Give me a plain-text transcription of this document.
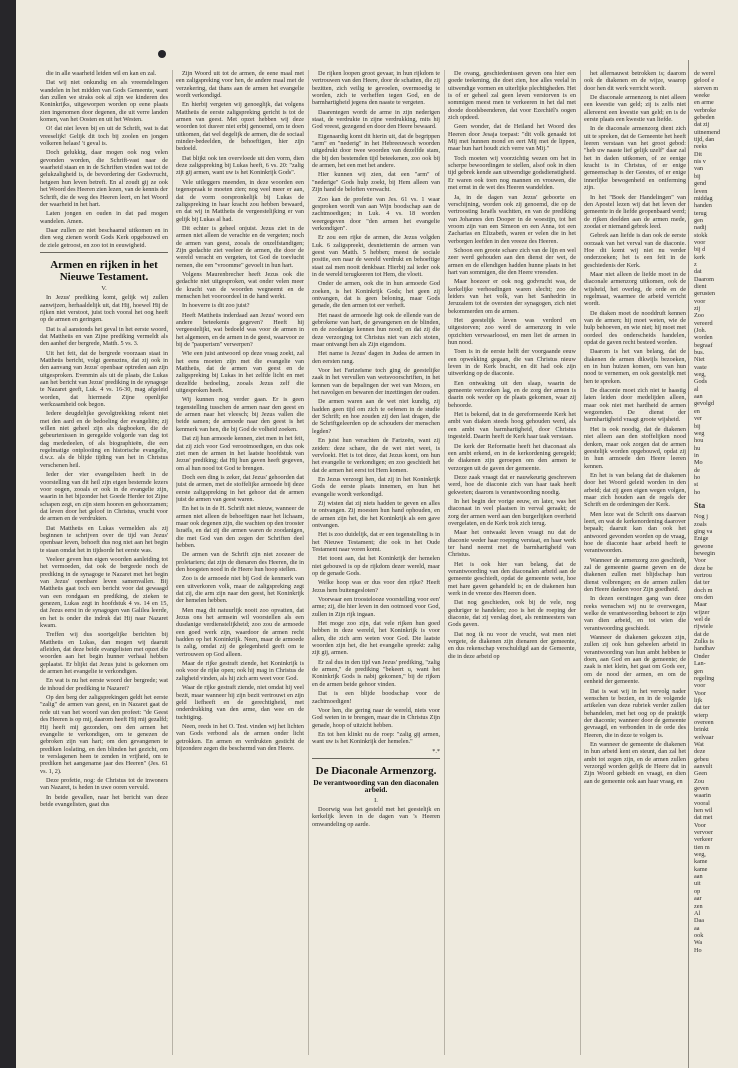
die in alle waarheid leiden wil en kan en zal.

Dat wij niet onkundig en als vreemdelingen wandelen in het midden van Gods Gemeente, want dan zullen we straks ook al zijn we kinderen des Koninkrijks, uitgeworpen worden op eene plaats zien ingenomen door degenen, die uit verre landen komen, van het Oosten en uit het Westen.

O! dat niet leven bij en uit de Schrift, wat is dat vreeselijk! Gelijk dit toch bij zoolen en jongen volkeren helaas! 't geval is.

Doch gelukkig, daar mogen ook nog velen gevonden worden, die Schrift-vast naar de waarheid staan en in de Schriften vinden wat tot de gelukzaligheid is, de bevordering der Godsvrucht, hetgeen hun leven betreft. En al zoudt gij ze ook het Woord des Heeren zien lezen, van de kennis der Schrift, die de weg des Heeren leert, en het Woord der waarheid in het hart.

Laten jongen en ouden in dat pad mogen wandelen. Amen.

Daar zullen ze niet beschaamd uitkomen en in dien weg zienen wordt Gods Kerk opgebouwd en de ziele getroost, en zoo tot in eeuwigheid.

Armen en rijken in het Nieuwe Testament.
V.

In Jezus' prediking komt, gelijk wij zullen aanwijzen, herhaaldelijk uit, dat Hij, hoewel Hij de rijken niet verstoot, juist toch vooral het oog heeft op de armen en geringen.

Dat is al aanstonds het geval in het eerste woord, dat Mattheüs en van Zijne prediking vermeldt als den aanhef der bergrede, Matth. 5 vs. 3.

Uit het feit, dat de bergrede voorzaan staat in Mattheüs bericht, volgt geenszins, dat zij ook in den aanvang van Jezus' openbaar optreden aan zijn uitgesproken. Evenmin als uit de plaats, die Lukas aan het bericht van Jezus' prediking in de synagoge te Nazaret geeft, Luk. 4 vs. 16-30, mag afgeleid worden, dat hiermede Zijne openlijke werkzaamheid ook begon.

Iedere deugdelijke gevolgtrekking rekent niet met den aard en de bedoeling der evangeliën; zij willen niet geheel zijn als dagboeken, die de gebeurtenissen in geregelde volgorde van dag tot dag mededeelen, of als biographieën, die een regelmatige ontplooiing en historische evangelie, d.w.z. als de blijde tijding van het in Christus verschenen heil.

Ieder der vier evangelisten heeft in de voorstelling van dit heil zijn eigen bestemde lezers voor oogen, zooals er ook in de evangelie zijn, waarin in het bijzonder het Goede Herder tot Zijne schapen zegt, en zijn stem hooren en gehoorzamen; dat leven door het geloof in Christus, vrucht voor de armen en de verdrukten.

Dat Mattheüs en Lukas vermelden als zij beginnen te schrijven over de tijd van Jezus' openbaar leven, behoeft dus nog niet aan het begin te staan omdat het in tijdsorde het eerste was.

Veeleer geven hun eigen woorden aanleiding tot het vermoeden, dat ook de bergrede noch de prediking in de synagoge te Nazaret met het begin van Jezus' openbare leven samenvallen. Bij Mattheüs gaat toch een bericht voor dat gewaagd van een rondgaan en prediking, de zieken te genezen, Lukas zegt in hoofdstuk 4 vs. 14 en 15, dat Jezus eerst in de synagogen van Galilea leerde, en het is onder die indruk dat Hij naar Nazaret kwam.

Treffen wij dus soortgelijke berichten bij Mattheüs en Lukas, dan mogen wij daaruit afleiden, dat deze beide evangelisten met opzet die woorden aan het begin hunner verhaal hebben geplaatst. Er blijkt dat Jezus juist is gekomen om de armen het evangelie te verkondigen.

En wat is nu het eerste woord der bergrede; wat de inhoud der prediking te Nazaret?

Op den berg der zaligsprekingen geldt het eerste "zalig" de armen van geest, en in Nazaret gaat de rede uit van het woord van den profeet: "de Geest des Heeren is op mij, daarom heeft Hij mij gezalfd; Hij heeft mij gezonden, om den armen het evangelie te verkondigen, om te genezen de gebroken zijn van hart; om den gevangenen te prediken loslating, en den blinden het gezicht, om te verslagenen heen te zenden in vrijheid, om te prediken het aangename jaar des Heeren" (Jes. 61 vs. 1, 2).

Deze profetie, nog: de Christus tot de inwoners van Nazaret, is heden in uwe ooren vervuld.

In beide gevallen, naar het bericht van deze beide evangelisten, gaat dus

Zijn Woord uit tot de armen, de eene maal met een zaligspreking voor hen, de andere maal met de verzekering, dat thans aan de armen het evangelie wordt verkondigd.

En hierbij vergeten wij genoeglijk, dat volgens Mattheüs de eerste zaligspreking gericht is tot de armen van geest. Met opzet hebben wij deze woorden tot dusver niet erbij genoemd, om te doen uitkomen, dat wel degelijk de armen, die de sociaal minder-bedeelden, de behoeftigen, hier zijn bedoeld.

Dat blijkt ook ten overvloede uit den vorm, dien deze zaligspreking bij Lukas heeft, 6 vs. 20: "zalig zijt gij armen, want uw is het Koninkrijk Gods".

Vele uitleggers meenden, in deze woorden een tegenspraak te moeten zien; nog veel meer er aan, dat de vorm oorspronkelijk bij Lukas de zaligspreking in haar kracht zou hebben bewaard, en dat wij in Mattheüs de vergeestelijking er van gelijk bij Lukas al had.

Dit echter is geheel onjuist. Jezus ziet in de armen niet alleen de verachte en de vergeten; noch de armen van geest, zooals de onzelfstandigen; Zijn gedachte ziet veeleer de armen, die door de wereld veracht en vergeten, tot God de toevlucht nemen, die een "vroomme" gevoelt in hun hart.

Volgens Maurenbrecher heeft Jezus ook die gedachte niet uitgesproken, wat onder velen meer de kracht van de woorden wegneemt en de menschen het vooroordeel in de hand werkt.

In hoeverre is dit zoo juist?

Heeft Mattheüs inderdaad aan Jezus' woord een andere beteekenis gegeven? Heeft hij vergeestelijkt, wat bedoeld was voor de armen in het algemeen, en de armen in de geest, waarvoor ze bij de "pauperism" verwerpen?

Wie een juist antwoord op deze vraag zoekt, zal het eens moeten zijn met die evangelie van Mattheüs, dat de armen van geest en de zaligspreking bij Lukas in het zelfde licht en met dezelfde bedoeling, zooals Jezus zelf die uitgesproken heeft.

Wij kunnen nog verder gaan. Er is geen tegenstelling tusschen de armen naar den geest en de armen naar het vleesch; bij Jezus vallen die beide samen; de armoede naar den geest is het kenmerk van hen, die bij God de volheid zoeken.

Dat zij hun armoede kennen, ziet men in het feit, dat zij zich voor God verootmoedigen, en dus ook ziet men de armen in het laatste hoofdstuk van Jezus' prediking; dat Hij hun gaven heeft gegeven, om al hun nood tot God te brengen.

Doch een ding is zeker, dat Jezus' gehoorden dat juist de armen, met de stoffelijke armoede bij deze eerste zaligspreking in het gehoor dat de armen juist de armen van geest waren.

En het is in de H. Schrift niet nieuw, wanneer de armen niet alleen de behoeftigen naar het lichaam, maar ook degenen zijn, die wachten op den trooster Israëls, en dat zij die armen waren de zoodanigen, die met God van den zegen der Schriften deel hebben.

De armen van de Schrift zijn niet zoozeer de proletariers; dat zijn de dienaren des Heeren, die in den hoogsten nood in de Heere hun hoop stellen.

Zoo is de armoede niet bij God de kenmerk van een uitverkoren volk, maar de zaligspreking zegt dat zij, die arm zijn naar den geest, het Koninkrijk der hemelen hebben.

Men mag dit natuurlijk nooit zoo opvatten, dat Jezus ons het armsein wil voorstellen als een dusdanige verdienstelijkheid; zoo zou de armoede een goed werk zijn, waardoor de armen recht hadden op het Koninkrijk. Neen, maar de armoede is zalig, omdat zij de gelegenheid geeft om te vertrouwen op God alleen.

Maar de rijke gestraft ziende, het Koninkrijk is ook voor de rijke open; ook hij mag in Christus de zaligheid vinden, als hij zich arm weet voor God.

Waar de rijke gestraft ziende, niet omdat hij veel bezit, maar wanneer hij zijn bezit vertrouwt en zijn geld liefheeft en de gerechtigheid, met onderdrukking van den arme, dan wee en de tuchtiging.

Neen, reeds in het O. Test. vinden wij het lichten van Gods verbond als de armen onder licht getrokken. En armen en verdrukten gesticht de bijzondere zegen die beschermd van den Heere.

De rijken loopen groot gevaar, in hun rijkdom te vertrouwen van den Heere, door de schatten, die zij bezitten, zich veilig te gevoelen, overmoedig te worden, zich te verheffen tegen God, en de barmhartigheid jegens den naaste te vergeten.

Daarentegen wordt de arme in zijn nederigen staat, de verdrukte in zijne verdrukking, mits hij God vreest, gezegend en door den Heere bewaard.

Eigenaardig komt dit hierin uit, dat de begrippen "arm" en "nederig" in het Hebreeuwsch woorden uitgedrukt door twee woorden van dezelfde stam, die bij den bestemden tijd beteekenen, zoo ook bij de armen, het een met het andere.

Hier kunnen wij zien, dat een "arm" of "nederige" Gods hulp zoekt, bij Hem alleen van Zijn hand de beloften verwacht.

Zoo kan de profetie van Jes. 61 vs. 1 waar gesproken wordt van aan Wijn boodschap aan de zachtmoedigen; in Luk. 4 vs. 18 worden weergegeven door "den armen het evangelie verkondigen".

Er zou een rijke de armen, die Jezus volgden Luk. 6 zaligspreekt, desniettemin de armen van geest van Matth. 5 hebben; meest de sociale positie, een naar de wereld verdrukt en behoeftige staat zal men nooit denkbaar. Hierbij zal ieder ook in de wereld terugkeeren tot Hem, die vloeit.

Onder de armen, ook die in hun armoede God zoeken, is het Koninkrijk Gods; het geen zij ontvangen, dat is geen beloning, maar Gods genade, die den armen tot eer verheft.

Het naast de armoede ligt ook de ellende van de gebrokene van hart, de gevangenen en de blinden, en de zoodanige kennen hun nood; en dat zij die deze verzorging tot Christus niet van zich stoten, maar ontvangt hen als Zijn eigendom.

Het name is Jezus' dagen in Judea de armen in den eersten rang.

Voor het Farizeïsme toch ging de geestelijke zaak in het vervullen van wetsvoorschriften, in het kennen van de bepalingen der wet van Mozes, en het navolgen en bewaren der inzettingen der ouden.

De armen waren aan de wet niet kundig, zij hadden geen tijd om zich te oefenen in de studie der Schrift; en hoe zouden zij den last dragen, die de Schriftgeleerden op de schouders der menschen legden?

En juist hun verachten de Farizeën, want zij zeiden: deze schare, die de wet niet weet, is vervloekt. Het is tot deze, dat Jezus komt, om hun het evangelie te verkondigen; en zoo geschiedt het dat de armen het eerst tot Hem komen.

En Jezus verzorgt hen, dat zij in het Koninkrijk Gods de eerste plaats innemen, en hun het evangelie wordt verkondigd.

Zij wisten dat zij niets hadden te geven en alles te ontvangen. Zij moesten hun hand ophouden, en de armen zijn het, die het Koninkrijk als een gave ontvangen.

Het is zoo duidelijk, dat er een tegenstelling is in het Nieuwe Testament; die ook in het Oude Testament naar voren komt.

Het toont aan, dat het Koninkrijk der hemelen niet gebouwd is op de rijkdom dezer wereld, maar op de genade Gods.

Welke hoop was er dus voor den rijke? Heeft Jezus hem buitengesloten?

Voorwaar een troostelooze voorstelling voor een' arme; zij, die hier leven in den ootmoed voor God, zullen in Zijn rijk ingaan.

Het moge zoo zijn, dat vele rijken hun goed hebben in deze wereld, het Koninkrijk is voor allen, die zich arm weten voor God. Die laatste woorden zijn het, die het evangelie spreekt: zalig zijt gij, armen.

Er zal dus in den tijd van Jezus' prediking, "zalig de armen," de prediking "bekeert u, want het Koninkrijk Gods is nabij gekomen," bij de rijken en de armen beide gehoor vinden.

Dat is een blijde boodschap voor de zachtmoedigen!

Voor hen, die gering naar de wereld, niets voor God weten in te brengen, maar die in Christus Zijn genade, hoop of uitzicht hebben.

En tot hen klinkt nu de roep: "zalig gij armen, want uw is het Koninkrijk der hemelen."

*.*
De Diaconale Armenzorg.
De verantwoording van den diaconalen arbeid.
I.

Doorwig was het gesteld met het geestelijk en kerkelijk leven in de dagen van 's Heeren omwandeling op aarde.

De ovang, geschiedenissen geven ons hier een goede teekening, die doet zien, hoe alles veelal in uitwendige vormen en uiterlijke plechtigheden. Het is of er geheel zal geen leven verstorven is en sommigen meest men te verkeeren in het dal met doode doodsbeenderen, dat voor Ezechiël's oogen zich opdeed.

Geen wonder, dat de Heiland het Woord des Heeren door Jesaja toepast: "dit volk genaakt tot Mij met hunnen mond en eert Mij met de lippen, maar hun hart houdt zich verre van Mij."

Toch moeten wij voorzichtig wezen om het in scherpe bewoordingen te stellen, alsof ook in dien tijd gebrek kende aan uitwendige godsdienstigheid. Er waren ook toen nog mannen en vrouwen, die met ernst in de wet des Heeren wandelden.

Ja, in de dagen van Jezus' geboorte en verschijning, worden ook zij genoemd, die op de vertroosting Israëls wachtten, en van de prediking van Johannes den Dooper in de woestijn, tot het vroom zijn van een Simeon en een Anna, tot een Zacharias en Elizabeth, waren er velen die in het verborgen leefden in den vreeze des Heeren.

Schoon een groote schare zich van de lijn en wel zeer werd gehouden aan den dienst der wet, de armen en de ellendigen hadden hunne plaats in het hart van sommigen, die den Heere vreesden.

Maar hoezeer er ook nog godvrucht was, de kerkelijke verhoudingen waren slecht; zoo de leiders van het volk, van het Sanhedrin in Jeruzalem tot de oversten der synagogen, zich niet bekommerden om de armen.

Het geestelijk leven was verdord en uitgestorven; zoo werd de armenzorg in vele opzichten verwaarloosd, en men liet de armen in hun nood.

Toen is in de eerste helft der voorgaande eeuw een opwekking gegaan, die van Christus nieuw leven in de Kerk bracht, en dit had ook zijn uitwerking op de diaconie.

Een ontwaking uit den slaap, waarin de gemeente verzonken lag, en de zorg der armen is daarin ook weder op de plaats gekomen, waar zij behoorde.

Het is bekend, dat in de gereformeerde Kerk het ambt van diaken steeds hoog gehouden werd, als een ambt van barmhartigheid, door Christus ingesteld. Daarin heeft de Kerk haar taak verstaan.

De kerk der Reformatie heeft het diaconaat als een ambt erkend, en in de kerkordening geregeld; de diakenen zijn geroepen om den armen te verzorgen uit de gaven der gemeente.

Deze zaak vraagt dat er nauwkeurig geschreven werd, hoe de diaconie zich van haar taak heeft gekweten; daarom is verantwoording noodig.

In het begin der vorige eeuw, en later, was het diaconaat in veel plaatsen in verval geraakt; de zorg der armen werd aan den burgerlijken overheid overgelaten, en de Kerk trok zich terug.

Maar het ontwaakt leven vraagt nu dat de diaconie weder haar roeping verstaat, en haar werk ter hand neemt met de barmhartigheid van Christus.

Het is ook hier van belang, dat de verantwoording van den diaconalen arbeid aan de gemeente geschiedt, opdat de gemeente wete, hoe met hare gaven gehandeld is; en de diakenen hun werk in de vreeze des Heeren doen.

Dat nog geschieden, ook bij de vele, nog geduriger te handelen; zoo is het de roeping der diaconie, dat zij verslag doet, als rentmeesters van Gods gaven.

Dat nog ik nu voor de vrucht, wat men niet vergete, de diakenen zijn dienaren der gemeente, en dus rekenschap verschuldigd aan de Gemeente, die in deze arbeid op

het allernauwst betrokken is; daarom ook de diakenen en de wijze, waarop door hen dit werk verricht wordt.

De diaconale armenzorg is niet alleen een kwestie van geld; zij is zelfs niet allereerst een kwestie van geld; en is de eerste plaats een kwestie van liefde.

In de diaconale armenzorg dient zich uit te spreken, dat de Gemeente het heeft leeren verstaan van het groot gebod: "heb uw naaste lief gelijk uzelf" daar zal het in daden uitkomen, of ze eenige kracht is in Christus, of er enige gemeenschap is der Geestes, of er enige innerlijke bewogenheid en ontferming zijn.

In het "Boek der Handelingen" van den Apostel lezen wij dat het leven der gemeente in de liefde geopenbaard werd; de rijken deelden aan de armen mede, zoodat er niemand gebrek leed.

Gebrek aan liefde is dan ook de eerste oorzaak van het verval van de diaconie. Hoe dit komt wij niet nu verder onderzoeken; het is een feit in de geschiedenis der Kerk.

Maar niet alleen de liefde moet in de diaconale armenzorg uitkomen, ook de wijsheid, het overleg, de orde en de regelmaat, waarmee de arbeid verricht wordt.

De diaken moet de nooddruft kennen van de armen; hij moet weten, wie de hulp behoeven, en wie niet; hij moet met oordeel des onderscheids handelen, opdat de gaven recht besteed worden.

Daarom is het van belang, dat de diakenen de armen dikwijls bezoeken, en in hun huizen komen, om van hun nood te vernemen, en ook geestelijk met hen te spreken.

De diaconie moet zich niet te haastig laten leiden door medelijden alleen, maar ook niet met hardheid de armen wegzenden. De dienst der barmhartigheid vraagt groote wijsheid.

Het is ook noodig, dat de diakenen niet alleen aan den stoffelijken nood denken, maar ook zorgen dat de armen geestelijk worden opgebouwd, opdat zij in hun armoede den Heere leeren kennen.

En het is van belang dat de diakenen door het Woord geleid worden in den arbeid; dat zij geen eigen wegen volgen, maar zich houden aan de regels der Schrift en de ordeningen der Kerk.

Men leze wat de Schrift ons daarvan leert, en wat de kerkenordening daarover bepaalt; daaruit kan dan ook het antwoord gevonden worden op de vraag, hoe de diaconie haar arbeid heeft te verantwoorden.

Wanneer de armenzorg zoo geschiedt, zal de gemeente gaarne geven en de diakenen zullen met blijdschap hun dienst volbrengen; en de armen zullen den Heere danken voor Zijn goedheid.

In dezen eerstingen gang van deze reeks wenschen wij nu te overwegen, welke de verantwoording behoort te zijn van dien arbeid, en tot wien die verantwoording geschiedt.

Wanneer de diakenen gekozen zijn, zullen zij ook hun geheelen arbeid in verantwoording van hun ambt hebben te doen, aan God en aan de gemeente; de zaak is niet klein, het gaat om Gods eer, om de nood der armen, en om de eenheid der gemeente.

Dat is wat wij in het vervolg nader wenschen te bezien, en in de volgende artikelen van deze rubriek verder zullen behandelen, met het oog op de praktijk der diaconie; wanneer door de gemeente gevraagd, en verbonden in de orde des Heeren, die in deze te volgen is.

En wanneer de gemeente de diakenen in hun arbeid kent en steunt, dan zal het ambt tot zegen zijn, en de armen zullen verzorgd worden gelijk de Heere dat in Zijn Woord gebiedt en vraagt, en dien aan de gemeente ook aan haar vraag, en

de werel
geloof e
sterven m
weeke
en arme
verbroke
gebeden
dat zij
uitnemend
tijd, dan
reeks
Dit
nis v
van
bij
gend
leven
middag
handen
terug
gen
nadij
stokk
voor
bij d
kerk
z
dat
Daarom
dient
gerusten
voor
zij
Zoo
vereerd
(Joh.
worden
begraaf
bus.
Niet
vaste
weg,
Gods
al
aan
gevolgd
en
ver
bij
weg
hou
hu
in
Mo
de
ho
st
ho
Sta
Nog j
zoals
ging va
Enige
gewone
bewegin
Voor
deze be
vertrou
dat ter
doch m
ons den
Maar
wijzer
wel de
rijwiele
dat de
Zulks is
handhav
Onder
Lan-
gen
regeling
voor
Voor
lijk
dat ter
wierp
overeen
brinkt
welvaar
Wat
deze
gebeu
aanvult
Geen
Zou
geven
waarin
vooral
hen wil
dat met
Voor
vervoer
verkeer
tien m
weg,
kame
kame
aan
uit
op
aar
zen
Al
Daa
aa
ook
Wa
Ho
